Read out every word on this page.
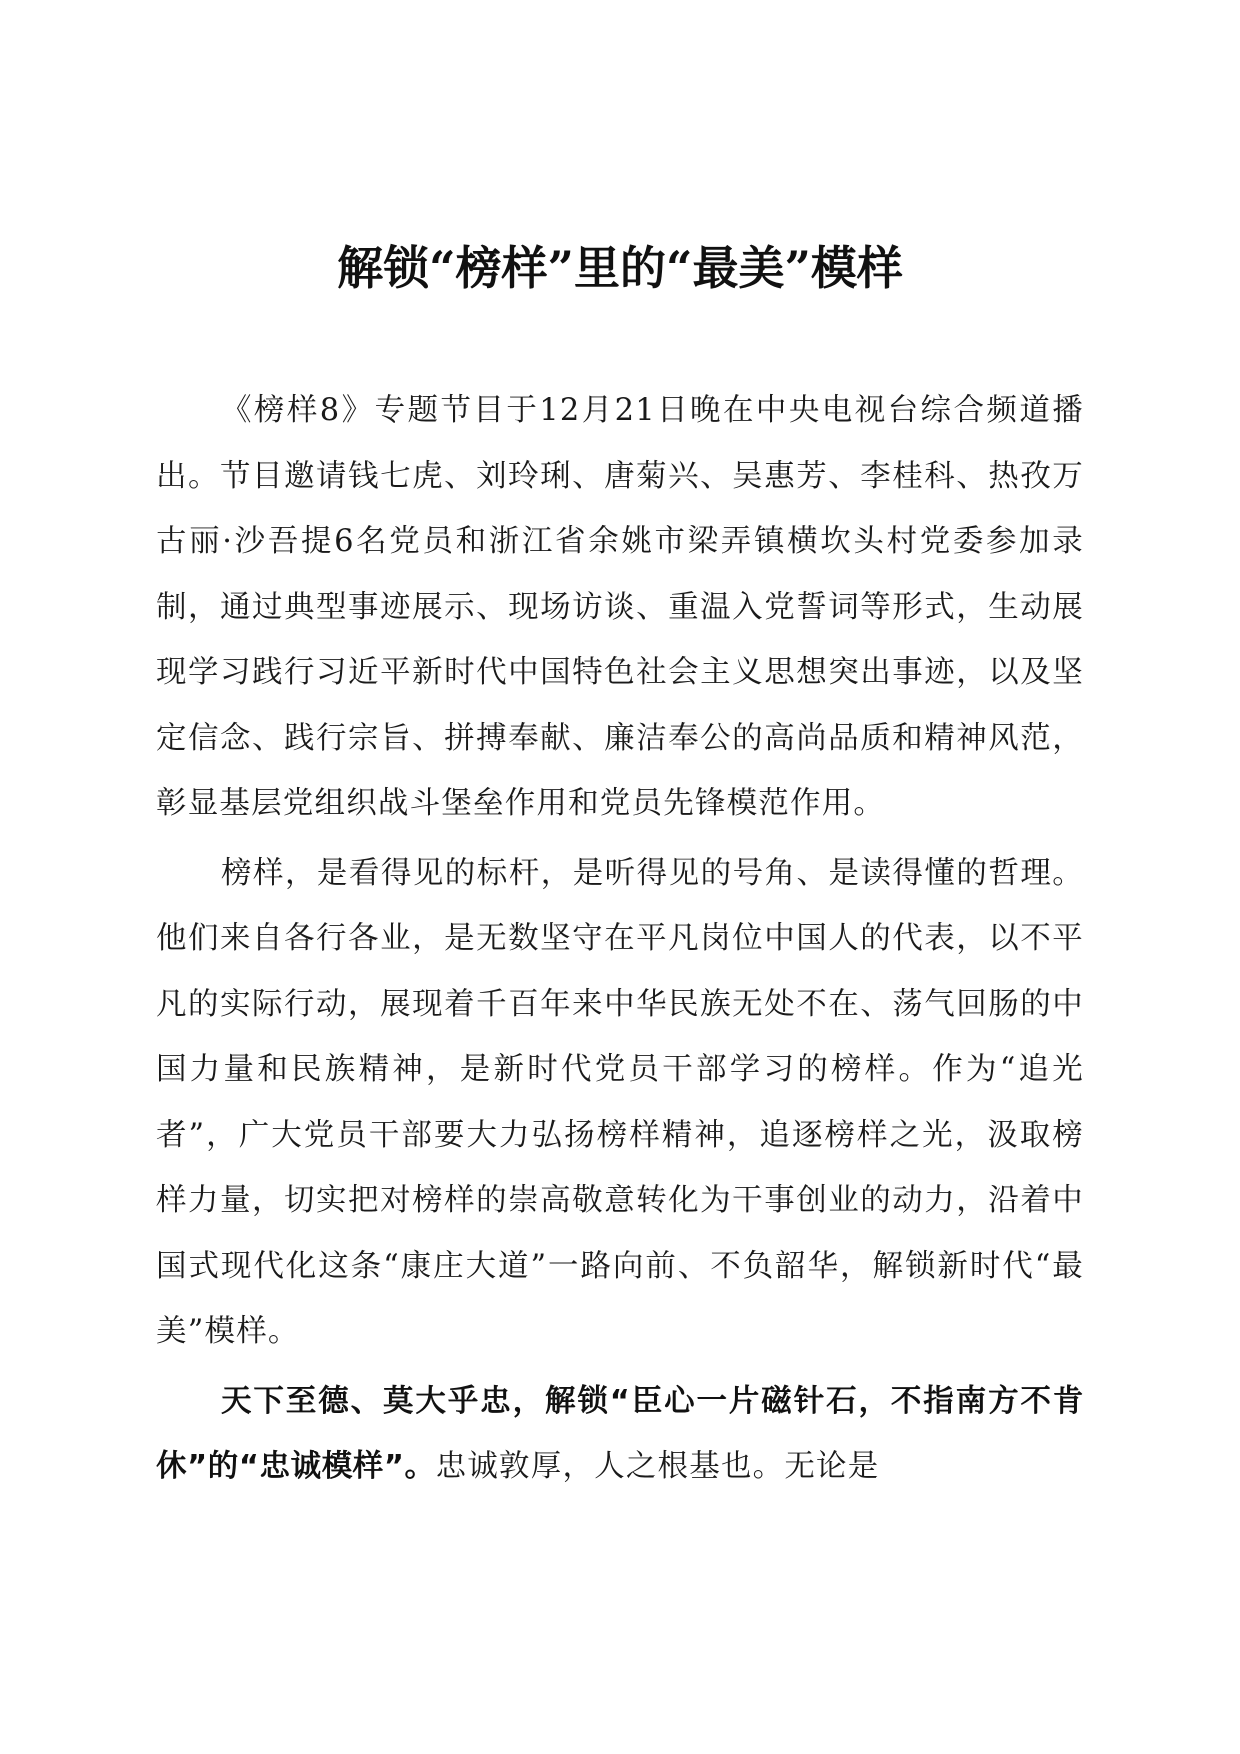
解锁“榜样”里的“最美”模样

《榜样8》专题节目于12月21日晚在中央电视台综合频道播出。节目邀请钱七虎、刘玲琍、唐菊兴、吴惠芳、李桂科、热孜万古丽·沙吾提6名党员和浙江省余姚市梁弄镇横坎头村党委参加录制，通过典型事迹展示、现场访谈、重温入党誓词等形式，生动展现学习践行习近平新时代中国特色社会主义思想突出事迹，以及坚定信念、践行宗旨、拼搏奉献、廉洁奉公的高尚品质和精神风范，彰显基层党组织战斗堡垒作用和党员先锋模范作用。

榜样，是看得见的标杆，是听得见的号角、是读得懂的哲理。他们来自各行各业，是无数坚守在平凡岗位中国人的代表，以不平凡的实际行动，展现着千百年来中华民族无处不在、荡气回肠的中国力量和民族精神，是新时代党员干部学习的榜样。作为“追光者”，广大党员干部要大力弘扬榜样精神，追逐榜样之光，汲取榜样力量，切实把对榜样的崇高敬意转化为干事创业的动力，沿着中国式现代化这条“康庄大道”一路向前、不负韶华，解锁新时代“最美”模样。

天下至德、莫大乎忠，解锁“臣心一片磁针石，不指南方不肯休”的“忠诚模样”。忠诚敦厚，人之根基也。无论是
